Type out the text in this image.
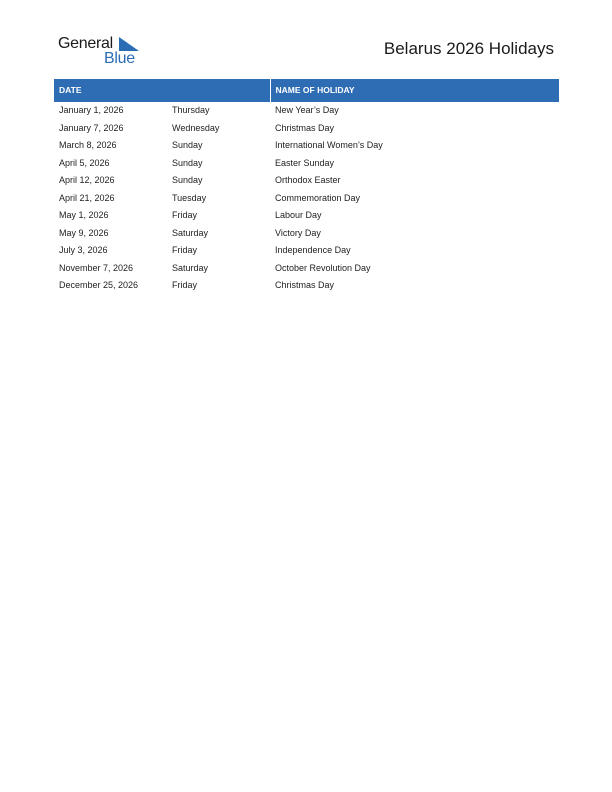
General
Blue
Belarus 2026 Holidays
DATE		NAME OF HOLIDAY
January 1, 2026	Thursday	New Year’s Day
January 7, 2026	Wednesday	Christmas Day
March 8, 2026	Sunday	International Women’s Day
April 5, 2026	Sunday	Easter Sunday
April 12, 2026	Sunday	Orthodox Easter
April 21, 2026	Tuesday	Commemoration Day
May 1, 2026	Friday	Labour Day
May 9, 2026	Saturday	Victory Day
July 3, 2026	Friday	Independence Day
November 7, 2026	Saturday	October Revolution Day
December 25, 2026	Friday	Christmas Day
